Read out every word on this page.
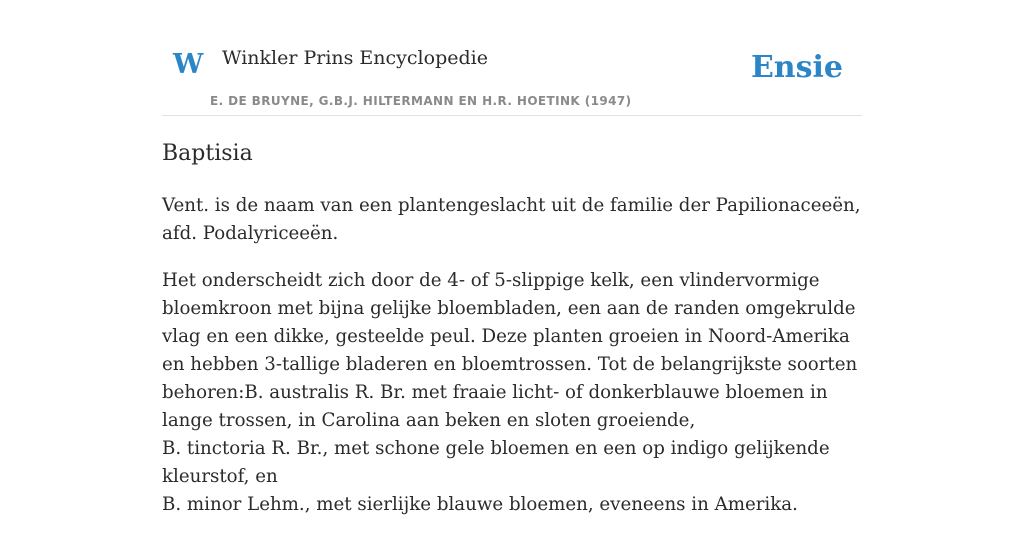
W Winkler Prins Encyclopedie
E. DE BRUYNE, G.B.J. HILTERMANN EN H.R. HOETINK (1947)
Ensie
Baptisia

Vent. is de naam van een plantengeslacht uit de familie der Papilionaceeën, afd. Podalyriceeën.

Het onderscheidt zich door de 4- of 5-slippige kelk, een vlindervormige bloemkroon met bijna gelijke bloembladen, een aan de randen omgekrulde vlag en een dikke, gesteelde peul. Deze planten groeien in Noord-Amerika en hebben 3-tallige bladeren en bloemtrossen. Tot de belangrijkste soorten behoren:B. australis R. Br. met fraaie licht- of donkerblauwe bloemen in lange trossen, in Carolina aan beken en sloten groeiende,
B. tinctoria R. Br., met schone gele bloemen en een op indigo gelijkende kleurstof, en
B. minor Lehm., met sierlijke blauwe bloemen, eveneens in Amerika.
